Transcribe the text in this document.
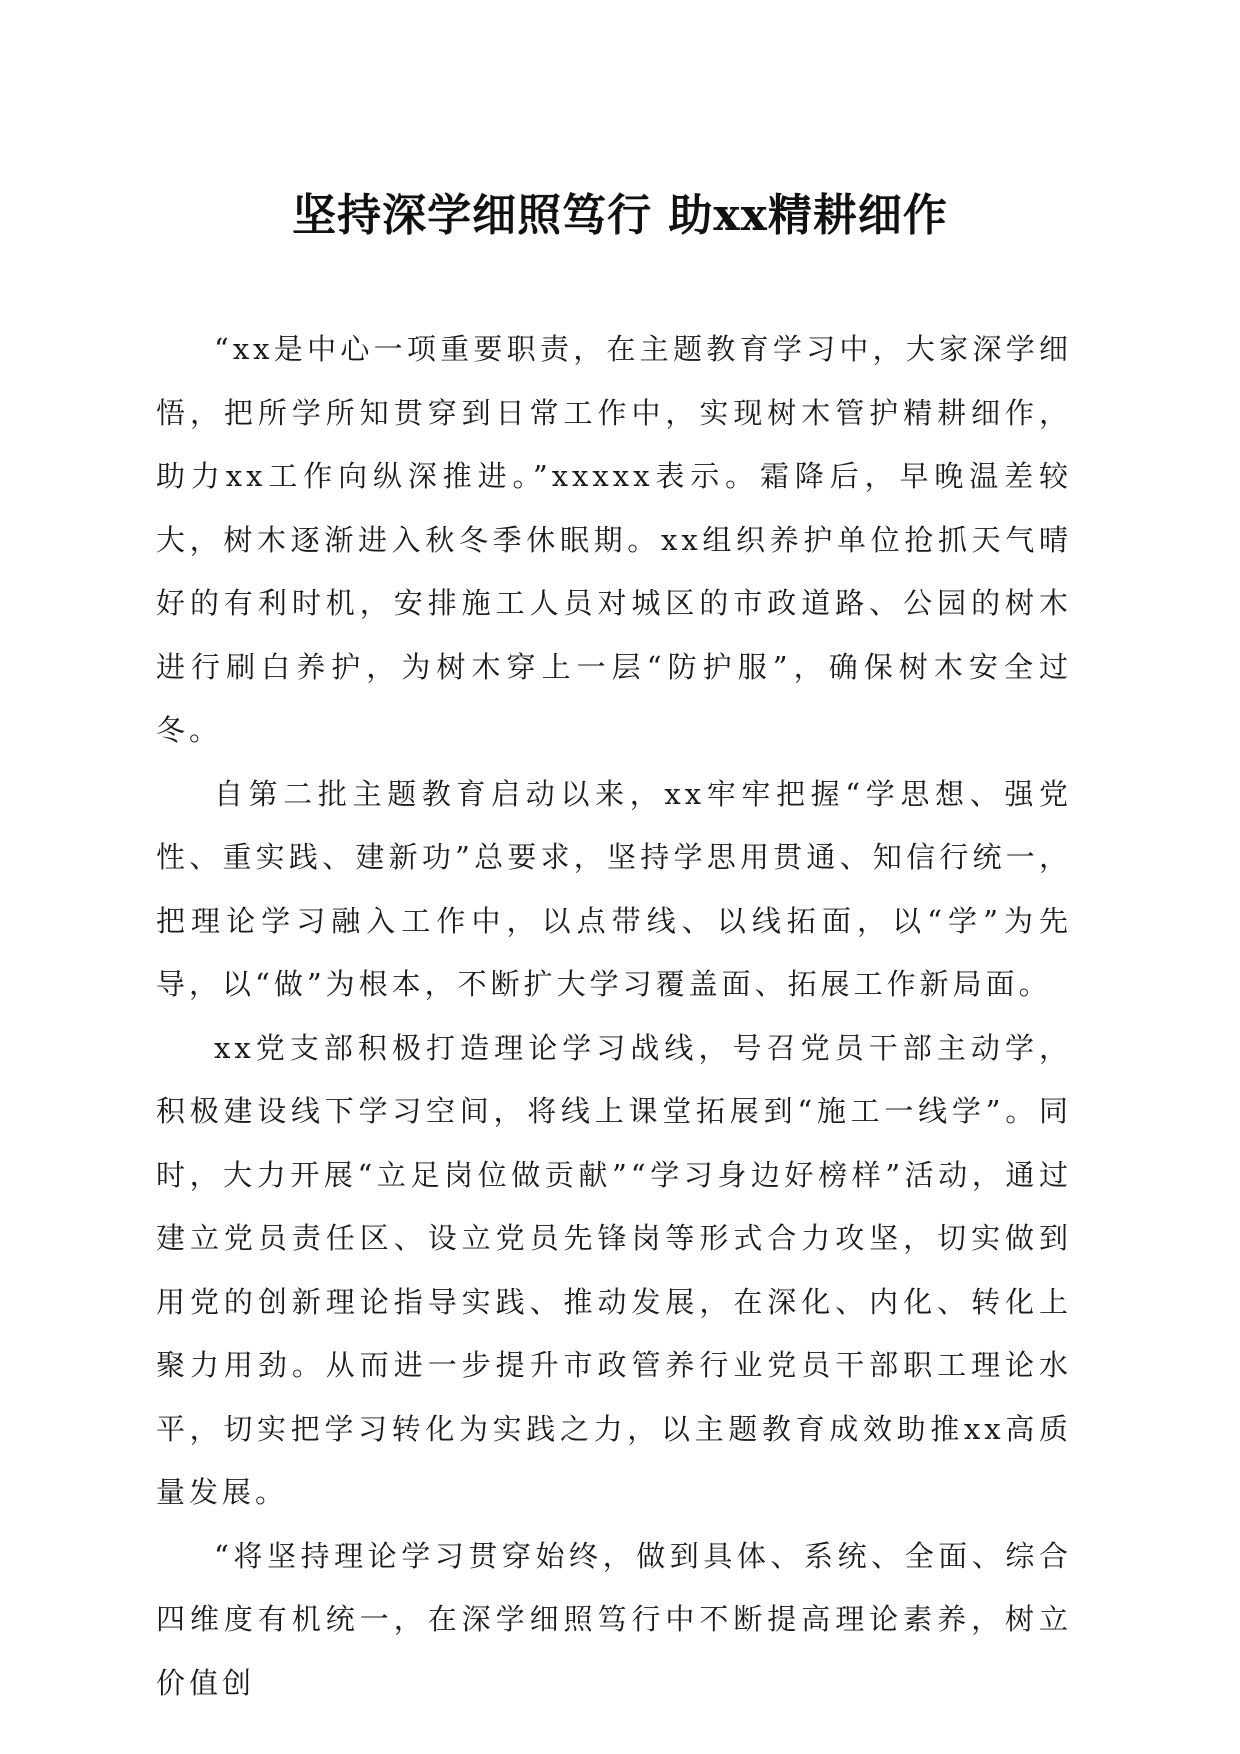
坚持深学细照笃行 助xx精耕细作

“xx是中心一项重要职责，在主题教育学习中，大家深学细悟，把所学所知贯穿到日常工作中，实现树木管护精耕细作，助力xx工作向纵深推进。”xxxxx表示。霜降后，早晚温差较大，树木逐渐进入秋冬季休眠期。xx组织养护单位抢抓天气晴好的有利时机，安排施工人员对城区的市政道路、公园的树木进行刷白养护，为树木穿上一层“防护服”，确保树木安全过冬。

自第二批主题教育启动以来，xx牢牢把握“学思想、强党性、重实践、建新功”总要求，坚持学思用贯通、知信行统一，把理论学习融入工作中，以点带线、以线拓面，以“学”为先导，以“做”为根本，不断扩大学习覆盖面、拓展工作新局面。

xx党支部积极打造理论学习战线，号召党员干部主动学，积极建设线下学习空间，将线上课堂拓展到“施工一线学”。同时，大力开展“立足岗位做贡献”“学习身边好榜样”活动，通过建立党员责任区、设立党员先锋岗等形式合力攻坚，切实做到用党的创新理论指导实践、推动发展，在深化、内化、转化上聚力用劲。从而进一步提升市政管养行业党员干部职工理论水平，切实把学习转化为实践之力，以主题教育成效助推xx高质量发展。

“将坚持理论学习贯穿始终，做到具体、系统、全面、综合四维度有机统一，在深学细照笃行中不断提高理论素养，树立价值创
